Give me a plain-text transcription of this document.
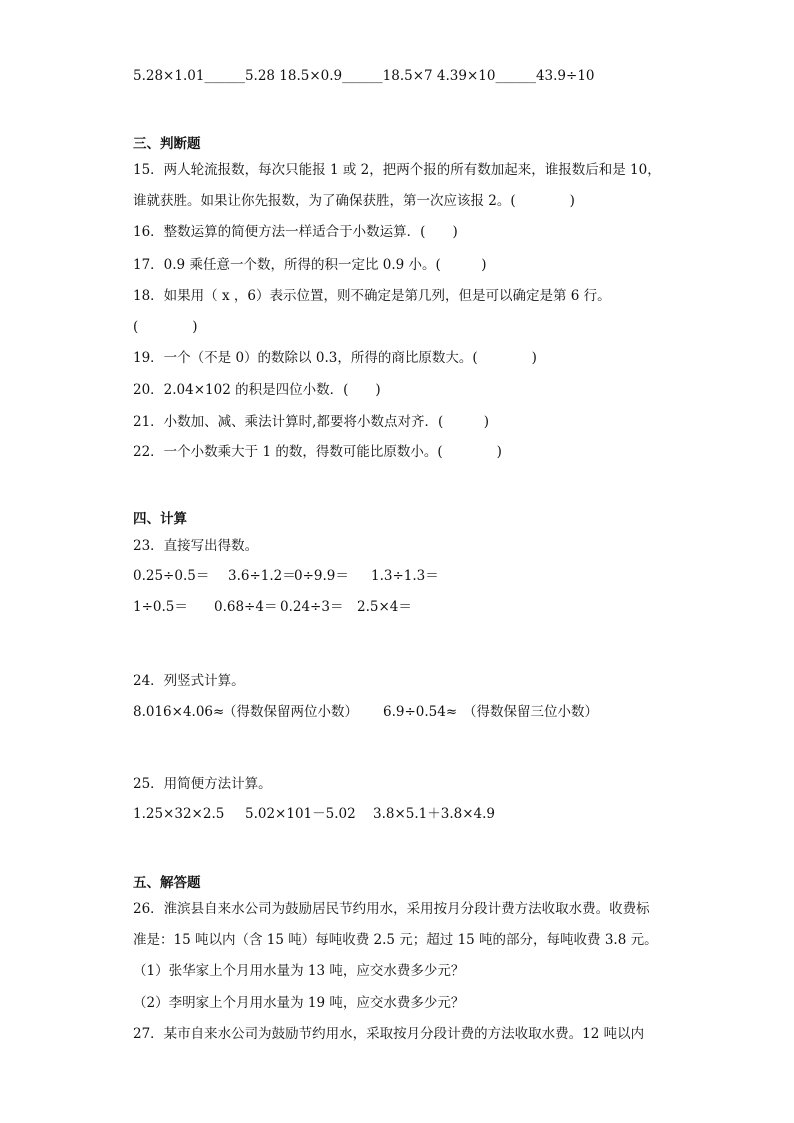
5.28×1.01______5.28 18.5×0.9______18.5×7 4.39×10______43.9÷10
三、判断题
15．两人轮流报数，每次只能报 1 或 2，把两个报的所有数加起来，谁报数后和是 10，
谁就获胜。如果让你先报数，为了确保获胜，第一次应该报 2。(　　　　)
16．整数运算的简便方法一样适合于小数运算．(　　)
17．0.9 乘任意一个数，所得的积一定比 0.9 小。(　　　)
18．如果用（ x ，6）表示位置，则不确定是第几列，但是可以确定是第 6 行。
(　　　　)
19．一个（不是 0）的数除以 0.3，所得的商比原数大。(　　　　)
20．2.04×102 的积是四位小数．(　　)
21．小数加、减、乘法计算时,都要将小数点对齐．(　　　)
22．一个小数乘大于 1 的数，得数可能比原数小。(　　　　)
四、计算
23．直接写出得数。
0.25÷0.5＝ 3.6÷1.2＝0÷9.9＝ 1.3÷1.3＝
1÷0.5＝ 0.68÷4＝ 0.24÷3＝ 2.5×4＝
24．列竖式计算。
8.016×4.06≈（得数保留两位小数） 6.9÷0.54≈ （得数保留三位小数）
25．用简便方法计算。
1.25×32×2.5 5.02×101－5.02 3.8×5.1＋3.8×4.9
五、解答题
26．淮滨县自来水公司为鼓励居民节约用水，采用按月分段计费方法收取水费。收费标
准是：15 吨以内（含 15 吨）每吨收费 2.5 元；超过 15 吨的部分，每吨收费 3.8 元。
（1）张华家上个月用水量为 13 吨，应交水费多少元？
（2）李明家上个月用水量为 19 吨，应交水费多少元？
27．某市自来水公司为鼓励节约用水，采取按月分段计费的方法收取水费。12 吨以内
